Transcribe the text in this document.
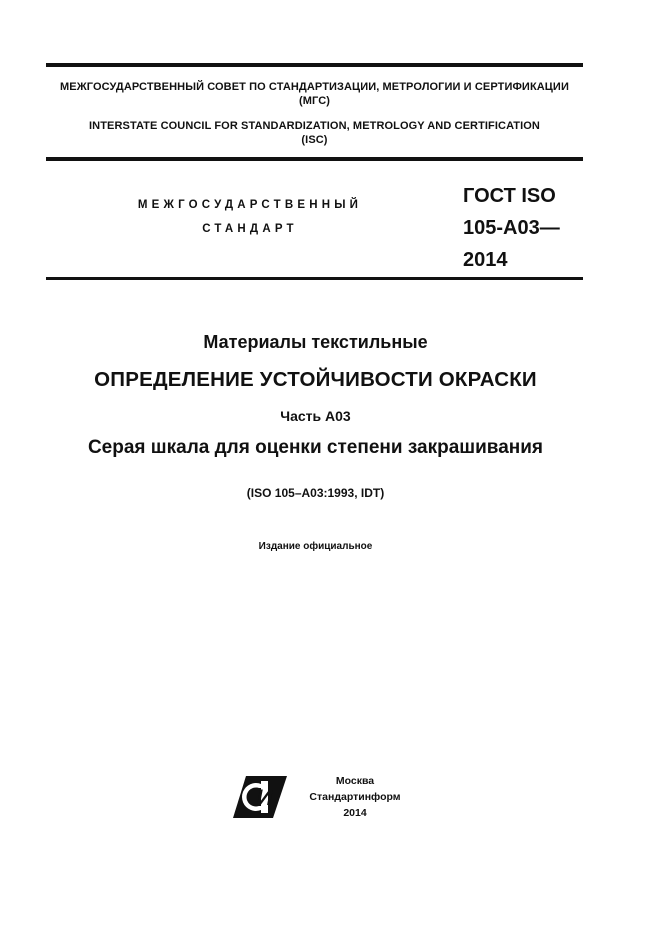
МЕЖГОСУДАРСТВЕННЫЙ СОВЕТ ПО СТАНДАРТИЗАЦИИ, МЕТРОЛОГИИ И СЕРТИФИКАЦИИ
(МГС)
INTERSTATE COUNCIL FOR STANDARDIZATION, METROLOGY AND CERTIFICATION
(ISC)
МЕЖГОСУДАРСТВЕННЫЙ
СТАНДАРТ
ГОСТ ISO
105-А03—
2014
Материалы текстильные
ОПРЕДЕЛЕНИЕ УСТОЙЧИВОСТИ ОКРАСКИ
Часть А03
Серая шкала для оценки степени закрашивания
(ISO 105–A03:1993, IDT)
Издание официальное
И
Москва
Стандартинформ
2014
